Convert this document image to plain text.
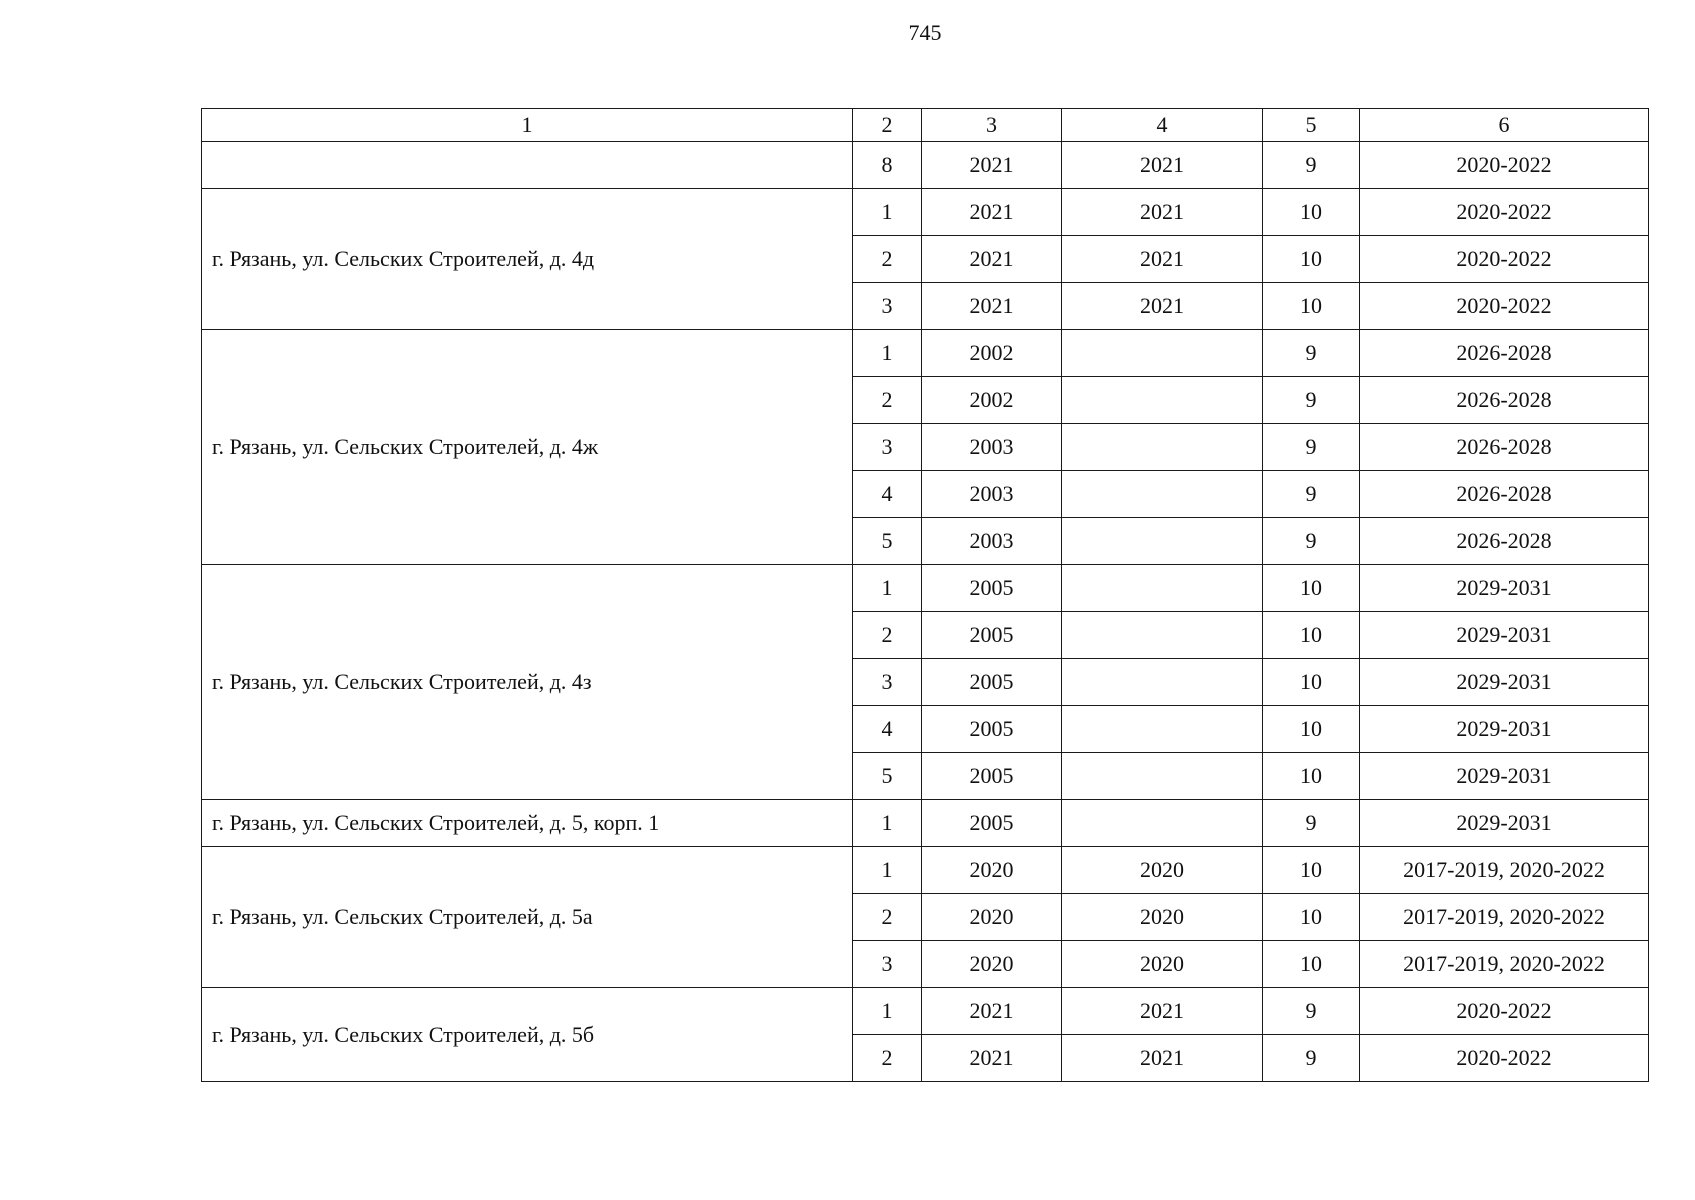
745
1	2	3	4	5	6
	8	2021	2021	9	2020-2022
г. Рязань, ул. Сельских Строителей, д. 4д	1	2021	2021	10	2020-2022
	2	2021	2021	10	2020-2022
	3	2021	2021	10	2020-2022
г. Рязань, ул. Сельских Строителей, д. 4ж	1	2002		9	2026-2028
	2	2002		9	2026-2028
	3	2003		9	2026-2028
	4	2003		9	2026-2028
	5	2003		9	2026-2028
г. Рязань, ул. Сельских Строителей, д. 4з	1	2005		10	2029-2031
	2	2005		10	2029-2031
	3	2005		10	2029-2031
	4	2005		10	2029-2031
	5	2005		10	2029-2031
г. Рязань, ул. Сельских Строителей, д. 5, корп. 1	1	2005		9	2029-2031
г. Рязань, ул. Сельских Строителей, д. 5а	1	2020	2020	10	2017-2019, 2020-2022
	2	2020	2020	10	2017-2019, 2020-2022
	3	2020	2020	10	2017-2019, 2020-2022
г. Рязань, ул. Сельских Строителей, д. 5б	1	2021	2021	9	2020-2022
	2	2021	2021	9	2020-2022
